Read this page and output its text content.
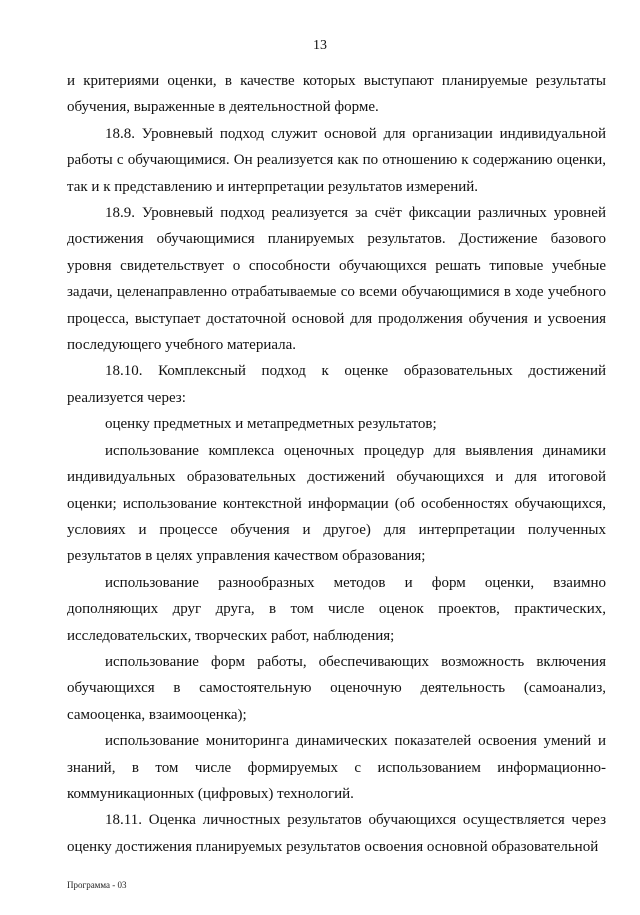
13

и критериями оценки, в качестве которых выступают планируемые результаты обучения, выраженные в деятельностной форме.

18.8. Уровневый подход служит основой для организации индивидуальной работы с обучающимися. Он реализуется как по отношению к содержанию оценки, так и к представлению и интерпретации результатов измерений.

18.9. Уровневый подход реализуется за счёт фиксации различных уровней достижения обучающимися планируемых результатов. Достижение базового уровня свидетельствует о способности обучающихся решать типовые учебные задачи, целенаправленно отрабатываемые со всеми обучающимися в ходе учебного процесса, выступает достаточной основой для продолжения обучения и усвоения последующего учебного материала.

18.10. Комплексный подход к оценке образовательных достижений реализуется через:

оценку предметных и метапредметных результатов;

использование комплекса оценочных процедур для выявления динамики индивидуальных образовательных достижений обучающихся и для итоговой оценки; использование контекстной информации (об особенностях обучающихся, условиях и процессе обучения и другое) для интерпретации полученных результатов в целях управления качеством образования;

использование разнообразных методов и форм оценки, взаимно дополняющих друг друга, в том числе оценок проектов, практических, исследовательских, творческих работ, наблюдения;

использование форм работы, обеспечивающих возможность включения обучающихся в самостоятельную оценочную деятельность (самоанализ, самооценка, взаимооценка);

использование мониторинга динамических показателей освоения умений и знаний, в том числе формируемых с использованием информационно-коммуникационных (цифровых) технологий.

18.11. Оценка личностных результатов обучающихся осуществляется через оценку достижения планируемых результатов освоения основной образовательной

Программа - 03
